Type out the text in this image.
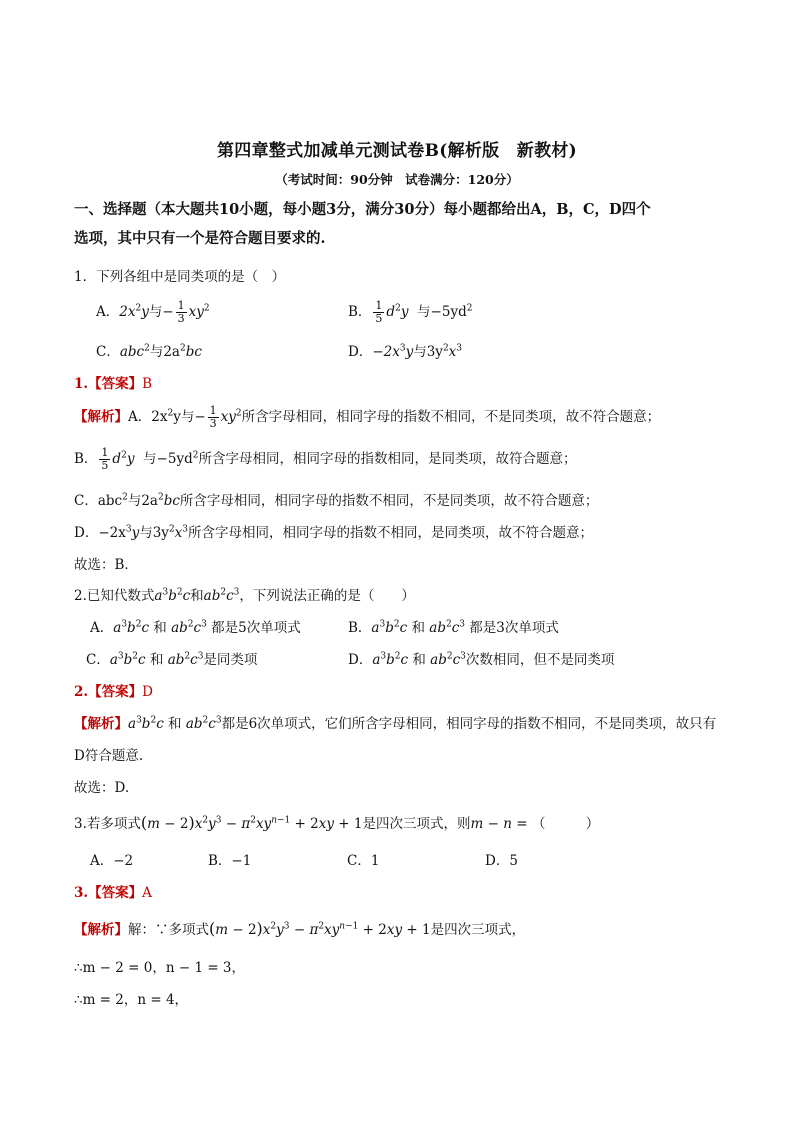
第四章整式加减单元测试卷B(解析版　新教材)
（考试时间：90分钟　试卷满分：120分）
一、选择题（本大题共10小题，每小题3分，满分30分）每小题都给出A，B，C，D四个
选项，其中只有一个是符合题目要求的.
1．下列各组中是同类项的是（　）
A．$2x^2y$与− $\frac{1}{3} xy^2$	B． $\frac{1}{5} d^2y$ 与$-5yd^2$
C．abc$^2$与$2a^2bc$	D．$-2x^3y$与$3y^2x^3$
1.【答案】B
【解析】A．$2x^2y$与− $\frac{1}{3} xy^2$所含字母相同，相同字母的指数不相同，不是同类项，故不符合题意；
B． $\frac{1}{5} d^2y$ 与$-5yd^2$所含字母相同，相同字母的指数相同，是同类项，故符合题意；
C．abc$^2$与$2a^2bc$所含字母相同，相同字母的指数不相同，不是同类项，故不符合题意；
D．$-2x^3y$与$3y^2x^3$所含字母相同，相同字母的指数不相同，是同类项，故不符合题意；
故选：B．
2.已知代数式$a^3b^2c$和$ab^2c^3$，下列说法正确的是（　　）
A．$a^3b^2c$ 和 $ab^2c^3$ 都是5次单项式	B．$a^3b^2c$ 和 $ab^2c^3$ 都是3次单项式
C．$a^3b^2c$ 和 $ab^2c^3$是同类项	D．$a^3b^2c$ 和 $ab^2c^3$次数相同，但不是同类项
2.【答案】D
【解析】$a^3b^2c$ 和 $ab^2c^3$都是6次单项式，它们所含字母相同，相同字母的指数不相同，不是同类项，故只有
D符合题意.
故选：D.
3.若多项式$(m - 2)x^2y^3 - \pi^2xy^{n-1} + 2xy + 1$是四次三项式，则m − n = （　　　）
A．−2	B．−1	C．1	D．5
3.【答案】A
【解析】解：∵多项式$(m - 2)x^2y^3 - \pi^2xy^{n-1} + 2xy + 1$是四次三项式，
∴m − 2 = 0，n − 1 = 3，
∴m = 2，n = 4，
